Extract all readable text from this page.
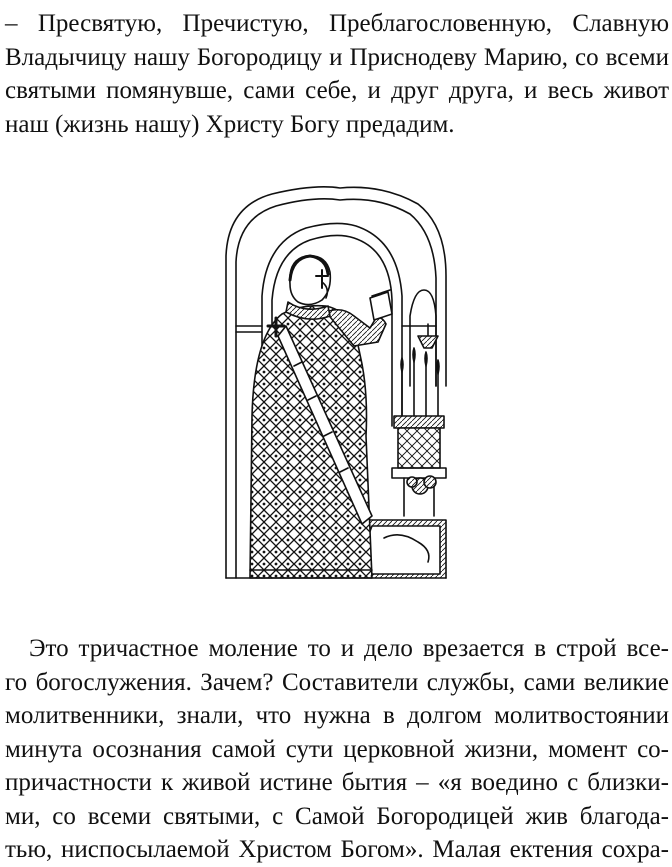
– Пресвятую, Пречистую, Преблагословенную, Славную
Владычицу нашу Богородицу и Приснодеву Марию, со всеми
святыми помянувше, сами себе, и друг друга, и весь живот
наш (жизнь нашу) Христу Богу предадим.
Это тричастное моление то и дело врезается в строй все-
го богослужения. Зачем? Составители службы, сами великие
молитвенники, знали, что нужна в долгом молитвостоянии
минута осознания самой сути церковной жизни, момент со-
причастности к живой истине бытия – «я воедино с близки-
ми, со всеми святыми, с Самой Богородицей жив благода-
тью, ниспосылаемой Христом Богом». Малая ектения сохра-
